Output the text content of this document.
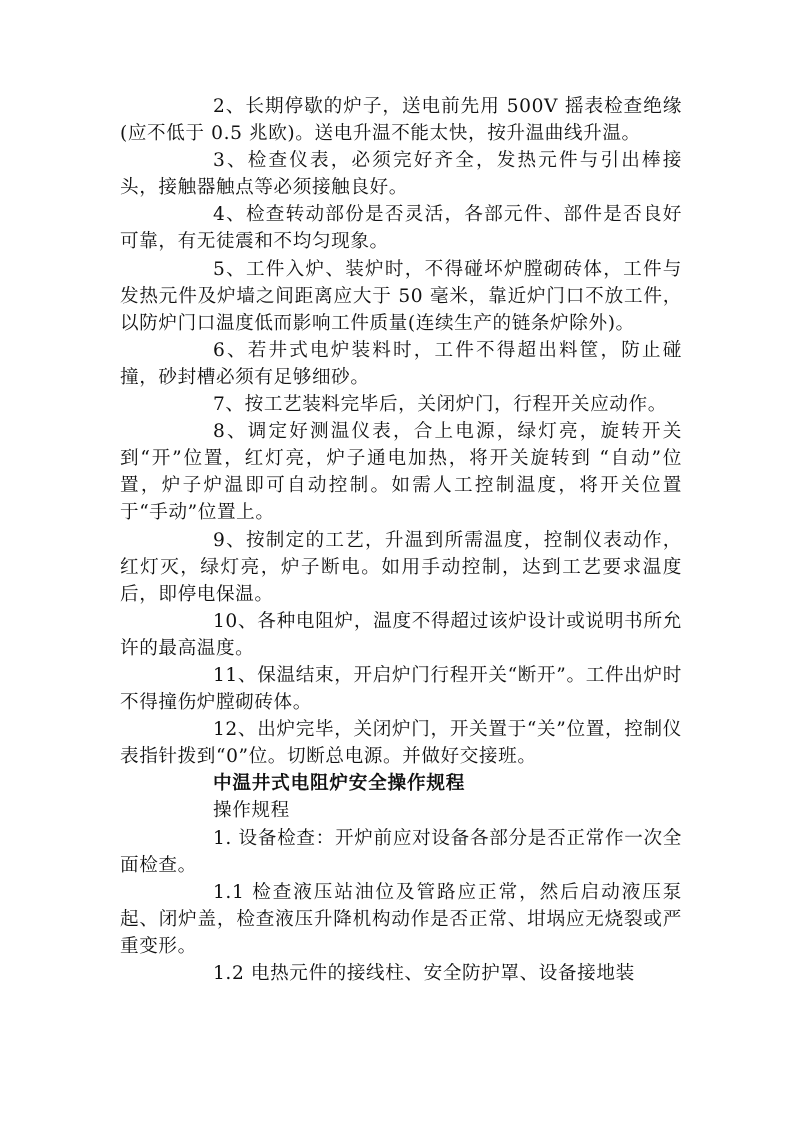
2、长期停歇的炉子，送电前先用 500V 摇表检查绝缘(应不低于 0.5 兆欧)。送电升温不能太快，按升温曲线升温。

3、检查仪表，必须完好齐全，发热元件与引出棒接头，接触器触点等必须接触良好。

4、检查转动部份是否灵活，各部元件、部件是否良好可靠，有无徒震和不均匀现象。

5、工件入炉、装炉时，不得碰坏炉膛砌砖体，工件与发热元件及炉墙之间距离应大于 50 毫米，靠近炉门口不放工件，以防炉门口温度低而影响工件质量(连续生产的链条炉除外)。

6、若井式电炉装料时，工件不得超出料筐，防止碰撞，砂封槽必须有足够细砂。

7、按工艺装料完毕后，关闭炉门，行程开关应动作。

8、调定好测温仪表，合上电源，绿灯亮，旋转开关到“开”位置，红灯亮，炉子通电加热，将开关旋转到 “自动”位置，炉子炉温即可自动控制。如需人工控制温度，将开关位置于“手动”位置上。

9、按制定的工艺，升温到所需温度，控制仪表动作，红灯灭，绿灯亮，炉子断电。如用手动控制，达到工艺要求温度后，即停电保温。

10、各种电阻炉，温度不得超过该炉设计或说明书所允许的最高温度。

11、保温结束，开启炉门行程开关“断开”。工件出炉时不得撞伤炉膛砌砖体。

12、出炉完毕，关闭炉门，开关置于“关”位置，控制仪表指针拨到“0”位。切断总电源。并做好交接班。

中温井式电阻炉安全操作规程

操作规程

1. 设备检查：开炉前应对设备各部分是否正常作一次全面检查。

1.1 检查液压站油位及管路应正常，然后启动液压泵起、闭炉盖，检查液压升降机构动作是否正常、坩埚应无烧裂或严重变形。

1.2 电热元件的接线柱、安全防护罩、设备接地装
